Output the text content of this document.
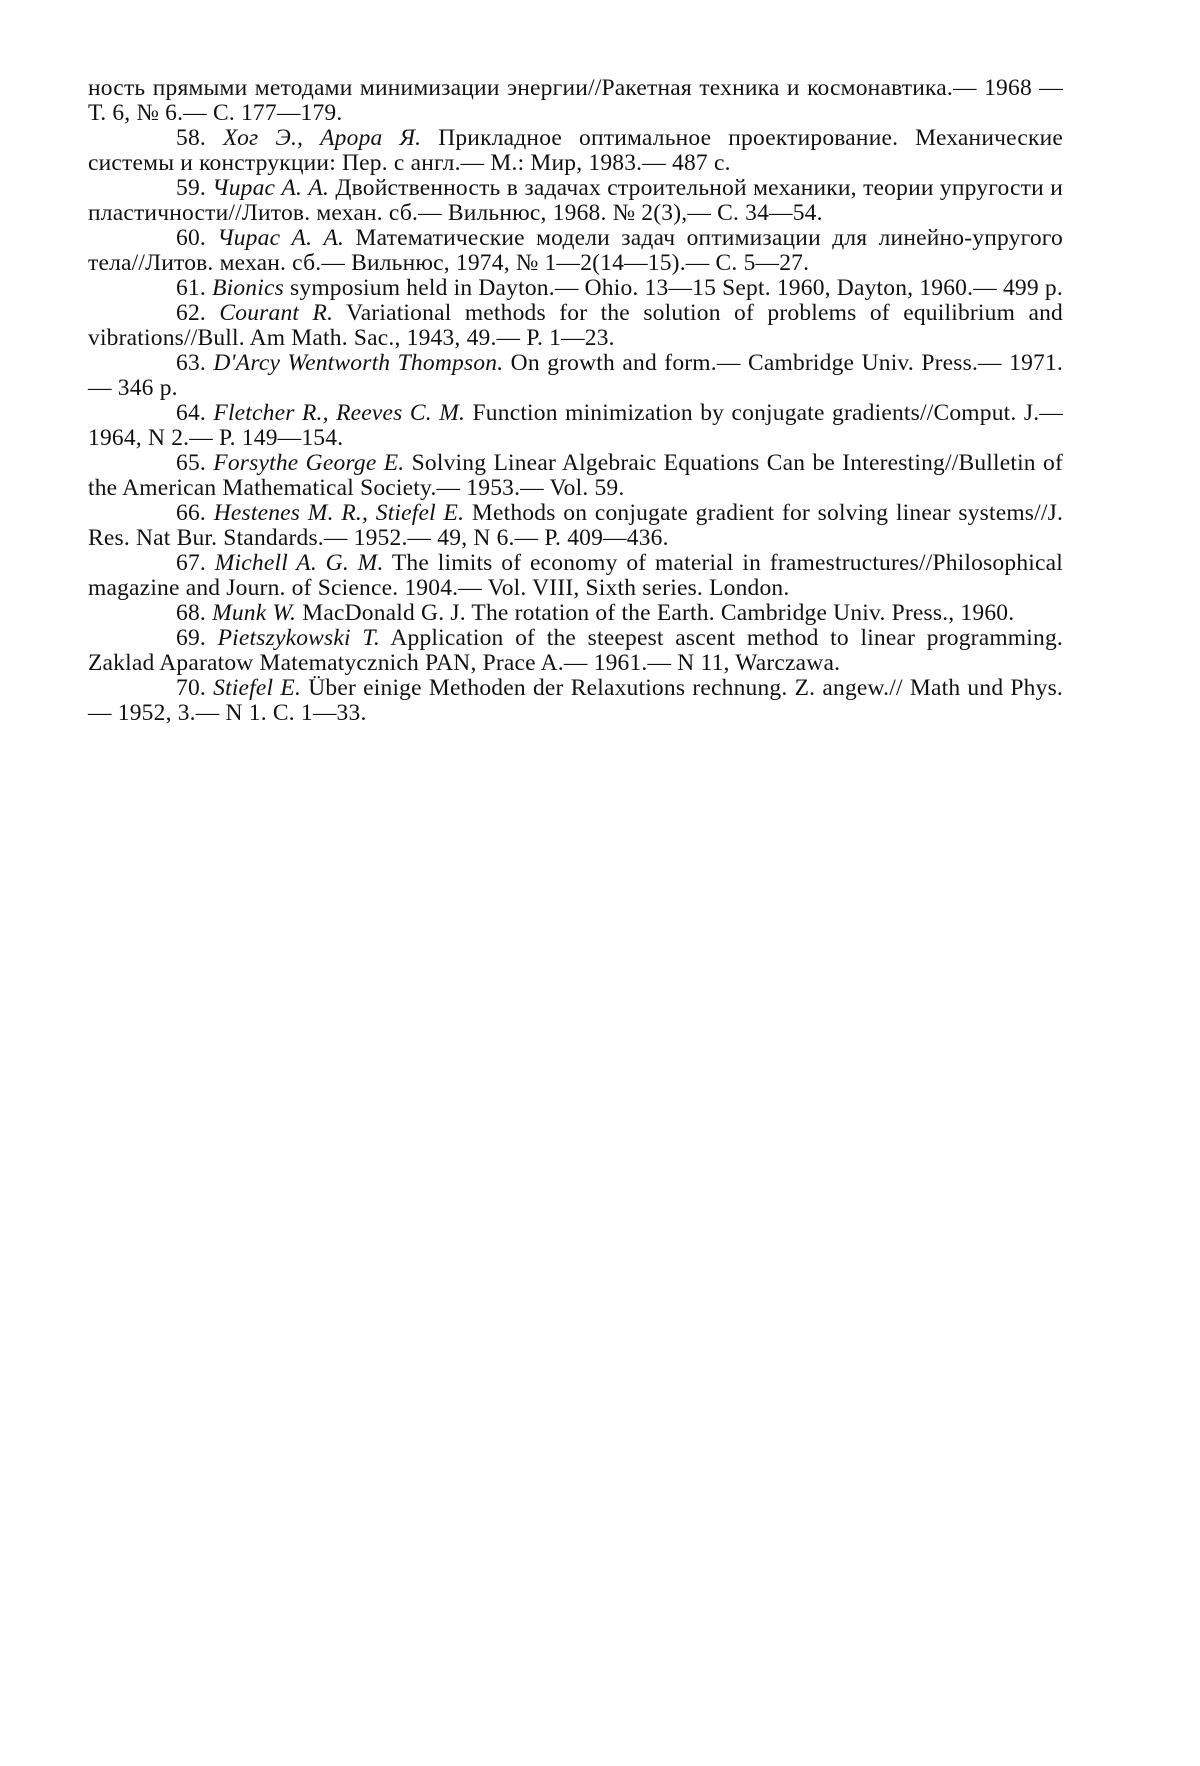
ность прямыми методами минимизации энергии//Ракетная техника и космонавтика.— 1968 — Т. 6, № 6.— С. 177—179.

58. Хог Э., Арора Я. Прикладное оптимальное проектирование. Механические системы и конструкции: Пер. с англ.— М.: Мир, 1983.— 487 с.

59. Чирас А. А. Двойственность в задачах строительной механики, теории упругости и пластичности//Литов. механ. сб.— Вильнюс, 1968. № 2(3),— С. 34—54.

60. Чирас А. А. Математические модели задач оптимизации для линейно-упругого тела//Литов. механ. сб.— Вильнюс, 1974, № 1—2(14—15).— С. 5—27.

61. Bionics symposium held in Dayton.— Ohio. 13—15 Sept. 1960, Dayton, 1960.— 499 p.

62. Courant R. Variational methods for the solution of problems of equilibrium and vibrations//Bull. Am Math. Sac., 1943, 49.— P. 1—23.

63. D'Arcy Wentworth Thompson. On growth and form.— Cambridge Univ. Press.— 1971.— 346 p.

64. Fletcher R., Reeves C. M. Function minimization by conjugate gradients//Comput. J.— 1964, N 2.— P. 149—154.

65. Forsythe George E. Solving Linear Algebraic Equations Can be Interesting//Bulletin of the American Mathematical Society.— 1953.— Vol. 59.

66. Hestenes M. R., Stiefel E. Methods on conjugate gradient for solving linear systems//J. Res. Nat Bur. Standards.— 1952.— 49, N 6.— P. 409—436.

67. Michell A. G. M. The limits of economy of material in framestructures//Philosophical magazine and Journ. of Science. 1904.— Vol. VIII, Sixth series. London.

68. Munk W. MacDonald G. J. The rotation of the Earth. Cambridge Univ. Press., 1960.

69. Pietszykowski T. Application of the steepest ascent method to linear programming. Zaklad Aparatow Matematycznich PAN, Prace A.— 1961.— N 11, Warczawa.

70. Stiefel E. Über einige Methoden der Relaxutions rechnung. Z. angew.// Math und Phys.— 1952, 3.— N 1. C. 1—33.
